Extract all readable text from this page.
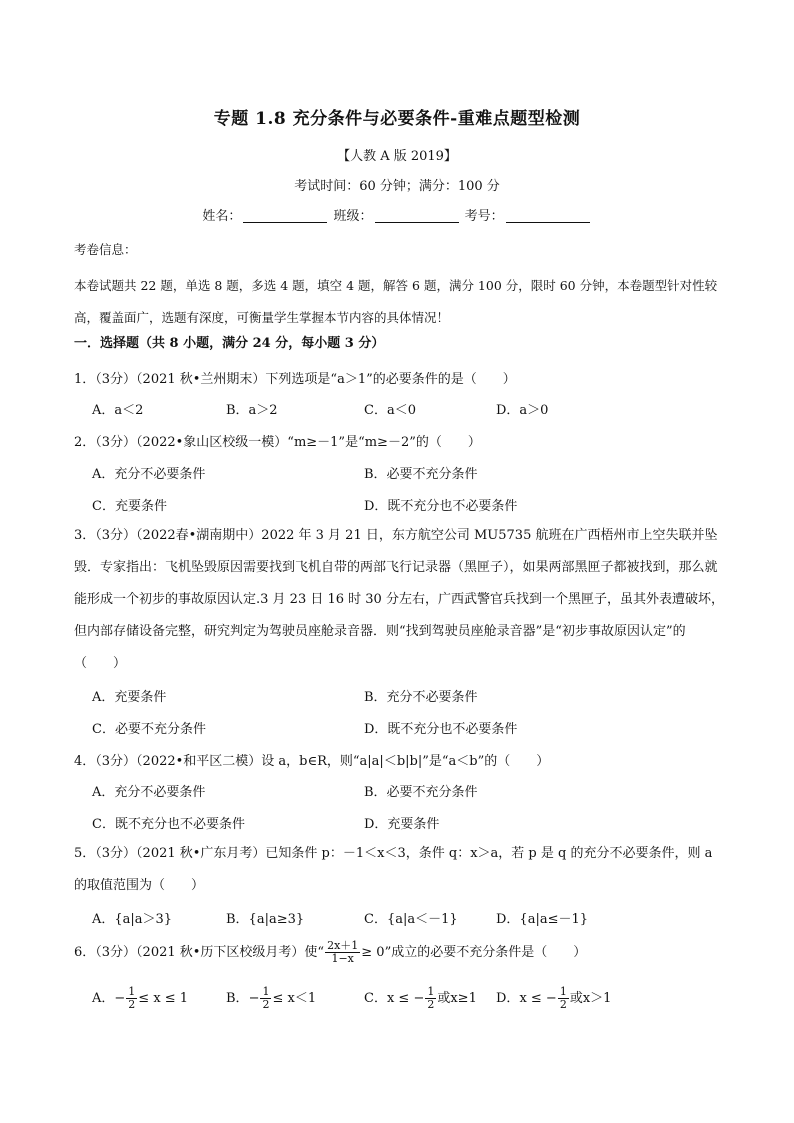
专题 1.8 充分条件与必要条件-重难点题型检测
【人教 A 版 2019】
考试时间：60 分钟；满分：100 分
姓名：	班级：	考号：
考卷信息：
本卷试题共 22 题，单选 8 题，多选 4 题，填空 4 题，解答 6 题，满分 100 分，限时 60 分钟，本卷题型针对性较高，覆盖面广，选题有深度，可衡量学生掌握本节内容的具体情况！
一．选择题（共 8 小题，满分 24 分，每小题 3 分）
1．（3分）（2021 秋•兰州期末）下列选项是“a＞1”的必要条件的是（　　）
A．a＜2	B．a＞2	C．a＜0	D．a＞0
2．（3分）（2022•象山区校级一模）“m≥－1”是“m≥－2”的（　　）
A．充分不必要条件	B．必要不充分条件
C．充要条件	D．既不充分也不必要条件
3．（3分）（2022春•湖南期中）2022 年 3 月 21 日，东方航空公司 MU5735 航班在广西梧州市上空失联并坠毁．专家指出：飞机坠毁原因需要找到飞机自带的两部飞行记录器（黑匣子），如果两部黑匣子都被找到，那么就能形成一个初步的事故原因认定.3 月 23 日 16 时 30 分左右，广西武警官兵找到一个黑匣子，虽其外表遭破坏，但内部存储设备完整，研究判定为驾驶员座舱录音器．则“找到驾驶员座舱录音器”是“初步事故原因认定”的（　　）
A．充要条件	B．充分不必要条件
C．必要不充分条件	D．既不充分也不必要条件
4．（3分）（2022•和平区二模）设 a，b∈R，则“a|a|＜b|b|”是“a＜b”的（　　）
A．充分不必要条件	B．必要不充分条件
C．既不充分也不必要条件	D．充要条件
5．（3分）（2021 秋•广东月考）已知条件 p：－1＜x＜3，条件 q：x＞a，若 p 是 q 的充分不必要条件，则 a 的取值范围为（　　）
A．{a|a＞3}	B．{a|a≥3}	C．{a|a＜－1}	D．{a|a≤－1}
6．（3分）（2021 秋•历下区校级月考）使“ $\frac{2x+1}{1-x} \ge 0$”成立的必要不充分条件是（　　）
A．− $\frac{1}{2} \le x \le 1$	B．− $\frac{1}{2} \le x<1$	C．x ≤ − $\frac{1}{2}$ 或x≥1 D．x ≤ − $\frac{1}{2}$ 或x＞1
